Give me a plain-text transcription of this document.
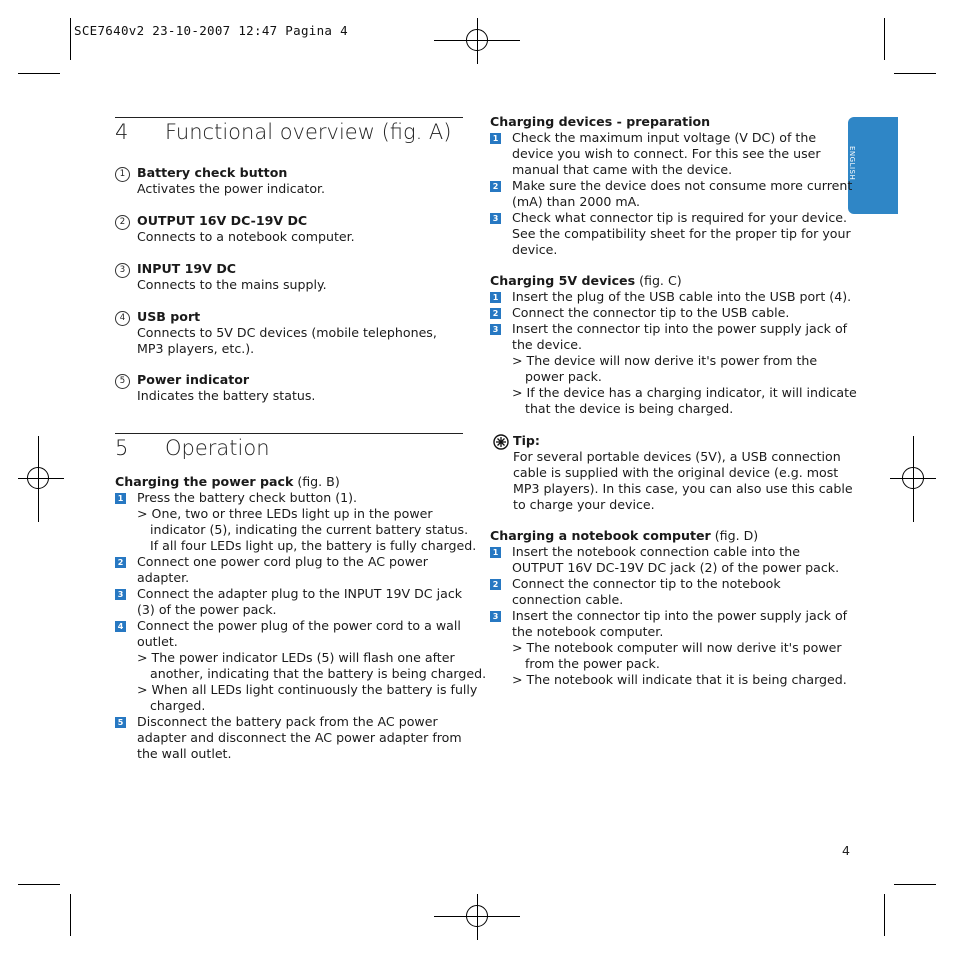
SCE7640v2 23-10-2007 12:47 Pagina 4
ENGLISH
4 Functional overview (fig. A)
1 Battery check button
Activates the power indicator.
2 OUTPUT 16V DC-19V DC
Connects to a notebook computer.
3 INPUT 19V DC
Connects to the mains supply.
4 USB port
Connects to 5V DC devices (mobile telephones,
MP3 players, etc.).
5 Power indicator
Indicates the battery status.
5 Operation
Charging the power pack (fig. B)
1 Press the battery check button (1).
> One, two or three LEDs light up in the power
indicator (5), indicating the current battery status.
If all four LEDs light up, the battery is fully charged.
2 Connect one power cord plug to the AC power
adapter.
3 Connect the adapter plug to the INPUT 19V DC jack
(3) of the power pack.
4 Connect the power plug of the power cord to a wall
outlet.
> The power indicator LEDs (5) will flash one after
another, indicating that the battery is being charged.
> When all LEDs light continuously the battery is fully
charged.
5 Disconnect the battery pack from the AC power
adapter and disconnect the AC power adapter from
the wall outlet.
Charging devices - preparation
1 Check the maximum input voltage (V DC) of the
device you wish to connect. For this see the user
manual that came with the device.
2 Make sure the device does not consume more current
(mA) than 2000 mA.
3 Check what connector tip is required for your device.
See the compatibility sheet for the proper tip for your
device.
Charging 5V devices (fig. C)
1 Insert the plug of the USB cable into the USB port (4).
2 Connect the connector tip to the USB cable.
3 Insert the connector tip into the power supply jack of
the device.
> The device will now derive it's power from the
power pack.
> If the device has a charging indicator, it will indicate
that the device is being charged.
Tip:
For several portable devices (5V), a USB connection
cable is supplied with the original device (e.g. most
MP3 players). In this case, you can also use this cable
to charge your device.
Charging a notebook computer (fig. D)
1 Insert the notebook connection cable into the
OUTPUT 16V DC-19V DC jack (2) of the power pack.
2 Connect the connector tip to the notebook
connection cable.
3 Insert the connector tip into the power supply jack of
the notebook computer.
> The notebook computer will now derive it's power
from the power pack.
> The notebook will indicate that it is being charged.
4
